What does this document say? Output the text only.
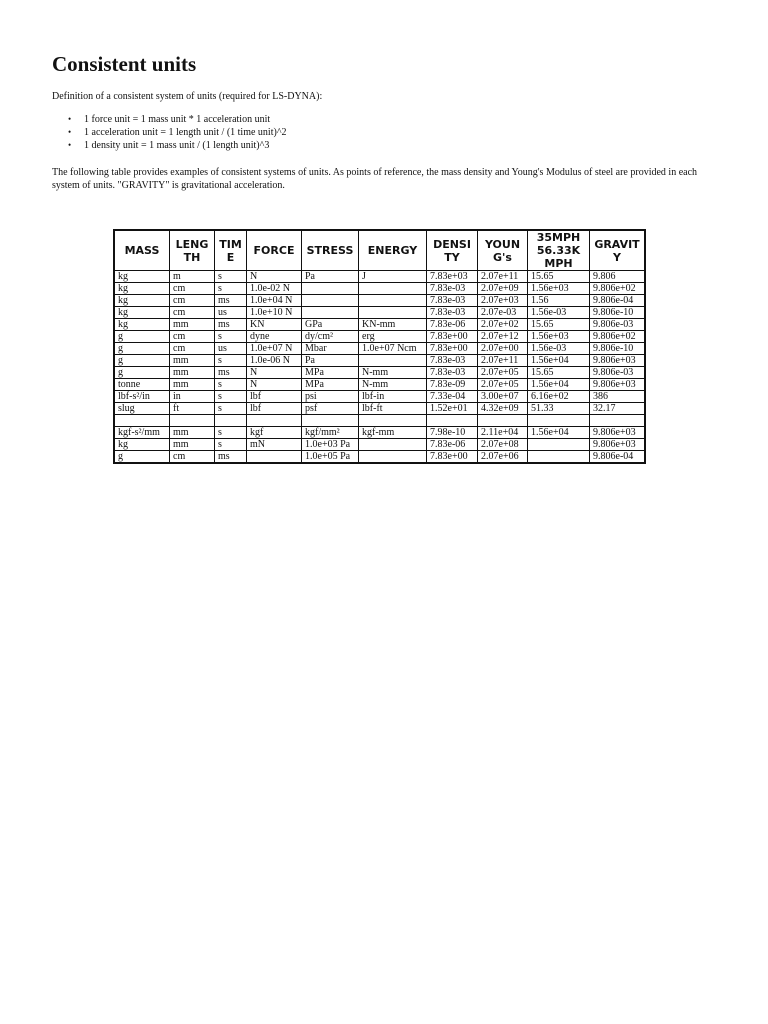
Consistent units

Definition of a consistent system of units (required for LS-DYNA):

• 1 force unit = 1 mass unit * 1 acceleration unit
• 1 acceleration unit = 1 length unit / (1 time unit)^2
• 1 density unit = 1 mass unit / (1 length unit)^3

The following table provides examples of consistent systems of units. As points of reference, the mass density and Young's Modulus of steel are provided in each system of units. "GRAVITY" is gravitational acceleration.

MASS	LENG TH	TIM E	FORCE	STRESS	ENERGY	DENSI TY	YOUN G's	35MPH 56.33K MPH	GRAVIT Y
kg	m	s	N	Pa	J	7.83e+03	2.07e+11	15.65	9.806
kg	cm	s	1.0e-02 N			7.83e-03	2.07e+09	1.56e+03	9.806e+02
kg	cm	ms	1.0e+04 N			7.83e-03	2.07e+03	1.56	9.806e-04
kg	cm	us	1.0e+10 N			7.83e-03	2.07e-03	1.56e-03	9.806e-10
kg	mm	ms	KN	GPa	KN-mm	7.83e-06	2.07e+02	15.65	9.806e-03
g	cm	s	dyne	dy/cm²	erg	7.83e+00	2.07e+12	1.56e+03	9.806e+02
g	cm	us	1.0e+07 N	Mbar	1.0e+07 Ncm	7.83e+00	2.07e+00	1.56e-03	9.806e-10
g	mm	s	1.0e-06 N	Pa		7.83e-03	2.07e+11	1.56e+04	9.806e+03
g	mm	ms	N	MPa	N-mm	7.83e-03	2.07e+05	15.65	9.806e-03
tonne	mm	s	N	MPa	N-mm	7.83e-09	2.07e+05	1.56e+04	9.806e+03
lbf-s²/in	in	s	lbf	psi	lbf-in	7.33e-04	3.00e+07	6.16e+02	386
slug	ft	s	lbf	psf	lbf-ft	1.52e+01	4.32e+09	51.33	32.17

kgf-s²/mm	mm	s	kgf	kgf/mm²	kgf-mm	7.98e-10	2.11e+04	1.56e+04	9.806e+03
kg	mm	s	mN	1.0e+03 Pa		7.83e-06	2.07e+08		9.806e+03
g	cm	ms		1.0e+05 Pa		7.83e+00	2.07e+06		9.806e-04
